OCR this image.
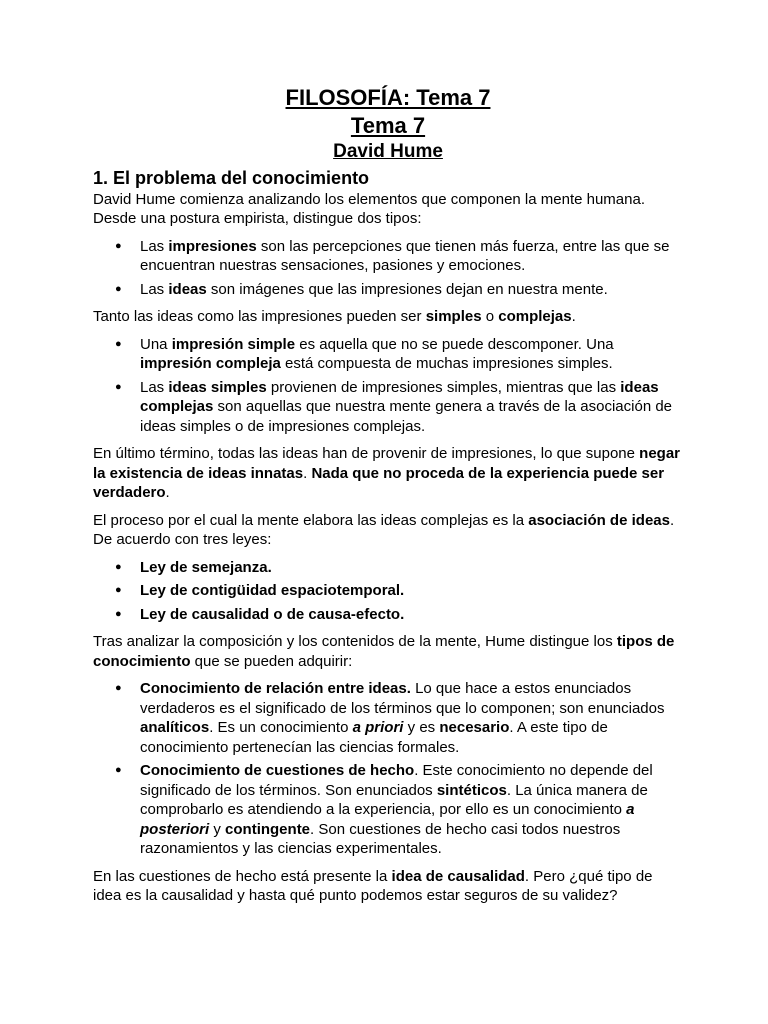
FILOSOFÍA: Tema 7
Tema 7
David Hume
1. El problema del conocimiento

David Hume comienza analizando los elementos que componen la mente humana. Desde una postura empirista, distingue dos tipos:

● Las impresiones son las percepciones que tienen más fuerza, entre las que se encuentran nuestras sensaciones, pasiones y emociones.
● Las ideas son imágenes que las impresiones dejan en nuestra mente.

Tanto las ideas como las impresiones pueden ser simples o complejas.

● Una impresión simple es aquella que no se puede descomponer. Una impresión compleja está compuesta de muchas impresiones simples.
● Las ideas simples provienen de impresiones simples, mientras que las ideas complejas son aquellas que nuestra mente genera a través de la asociación de ideas simples o de impresiones complejas.

En último término, todas las ideas han de provenir de impresiones, lo que supone negar la existencia de ideas innatas. Nada que no proceda de la experiencia puede ser verdadero.

El proceso por el cual la mente elabora las ideas complejas es la asociación de ideas. De acuerdo con tres leyes:

● Ley de semejanza.
● Ley de contigüidad espaciotemporal.
● Ley de causalidad o de causa-efecto.

Tras analizar la composición y los contenidos de la mente, Hume distingue los tipos de conocimiento que se pueden adquirir:

● Conocimiento de relación entre ideas. Lo que hace a estos enunciados verdaderos es el significado de los términos que lo componen; son enunciados analíticos. Es un conocimiento a priori y es necesario. A este tipo de conocimiento pertenecían las ciencias formales.
● Conocimiento de cuestiones de hecho. Este conocimiento no depende del significado de los términos. Son enunciados sintéticos. La única manera de comprobarlo es atendiendo a la experiencia, por ello es un conocimiento a posteriori y contingente. Son cuestiones de hecho casi todos nuestros razonamientos y las ciencias experimentales.

En las cuestiones de hecho está presente la idea de causalidad. Pero ¿qué tipo de idea es la causalidad y hasta qué punto podemos estar seguros de su validez?
